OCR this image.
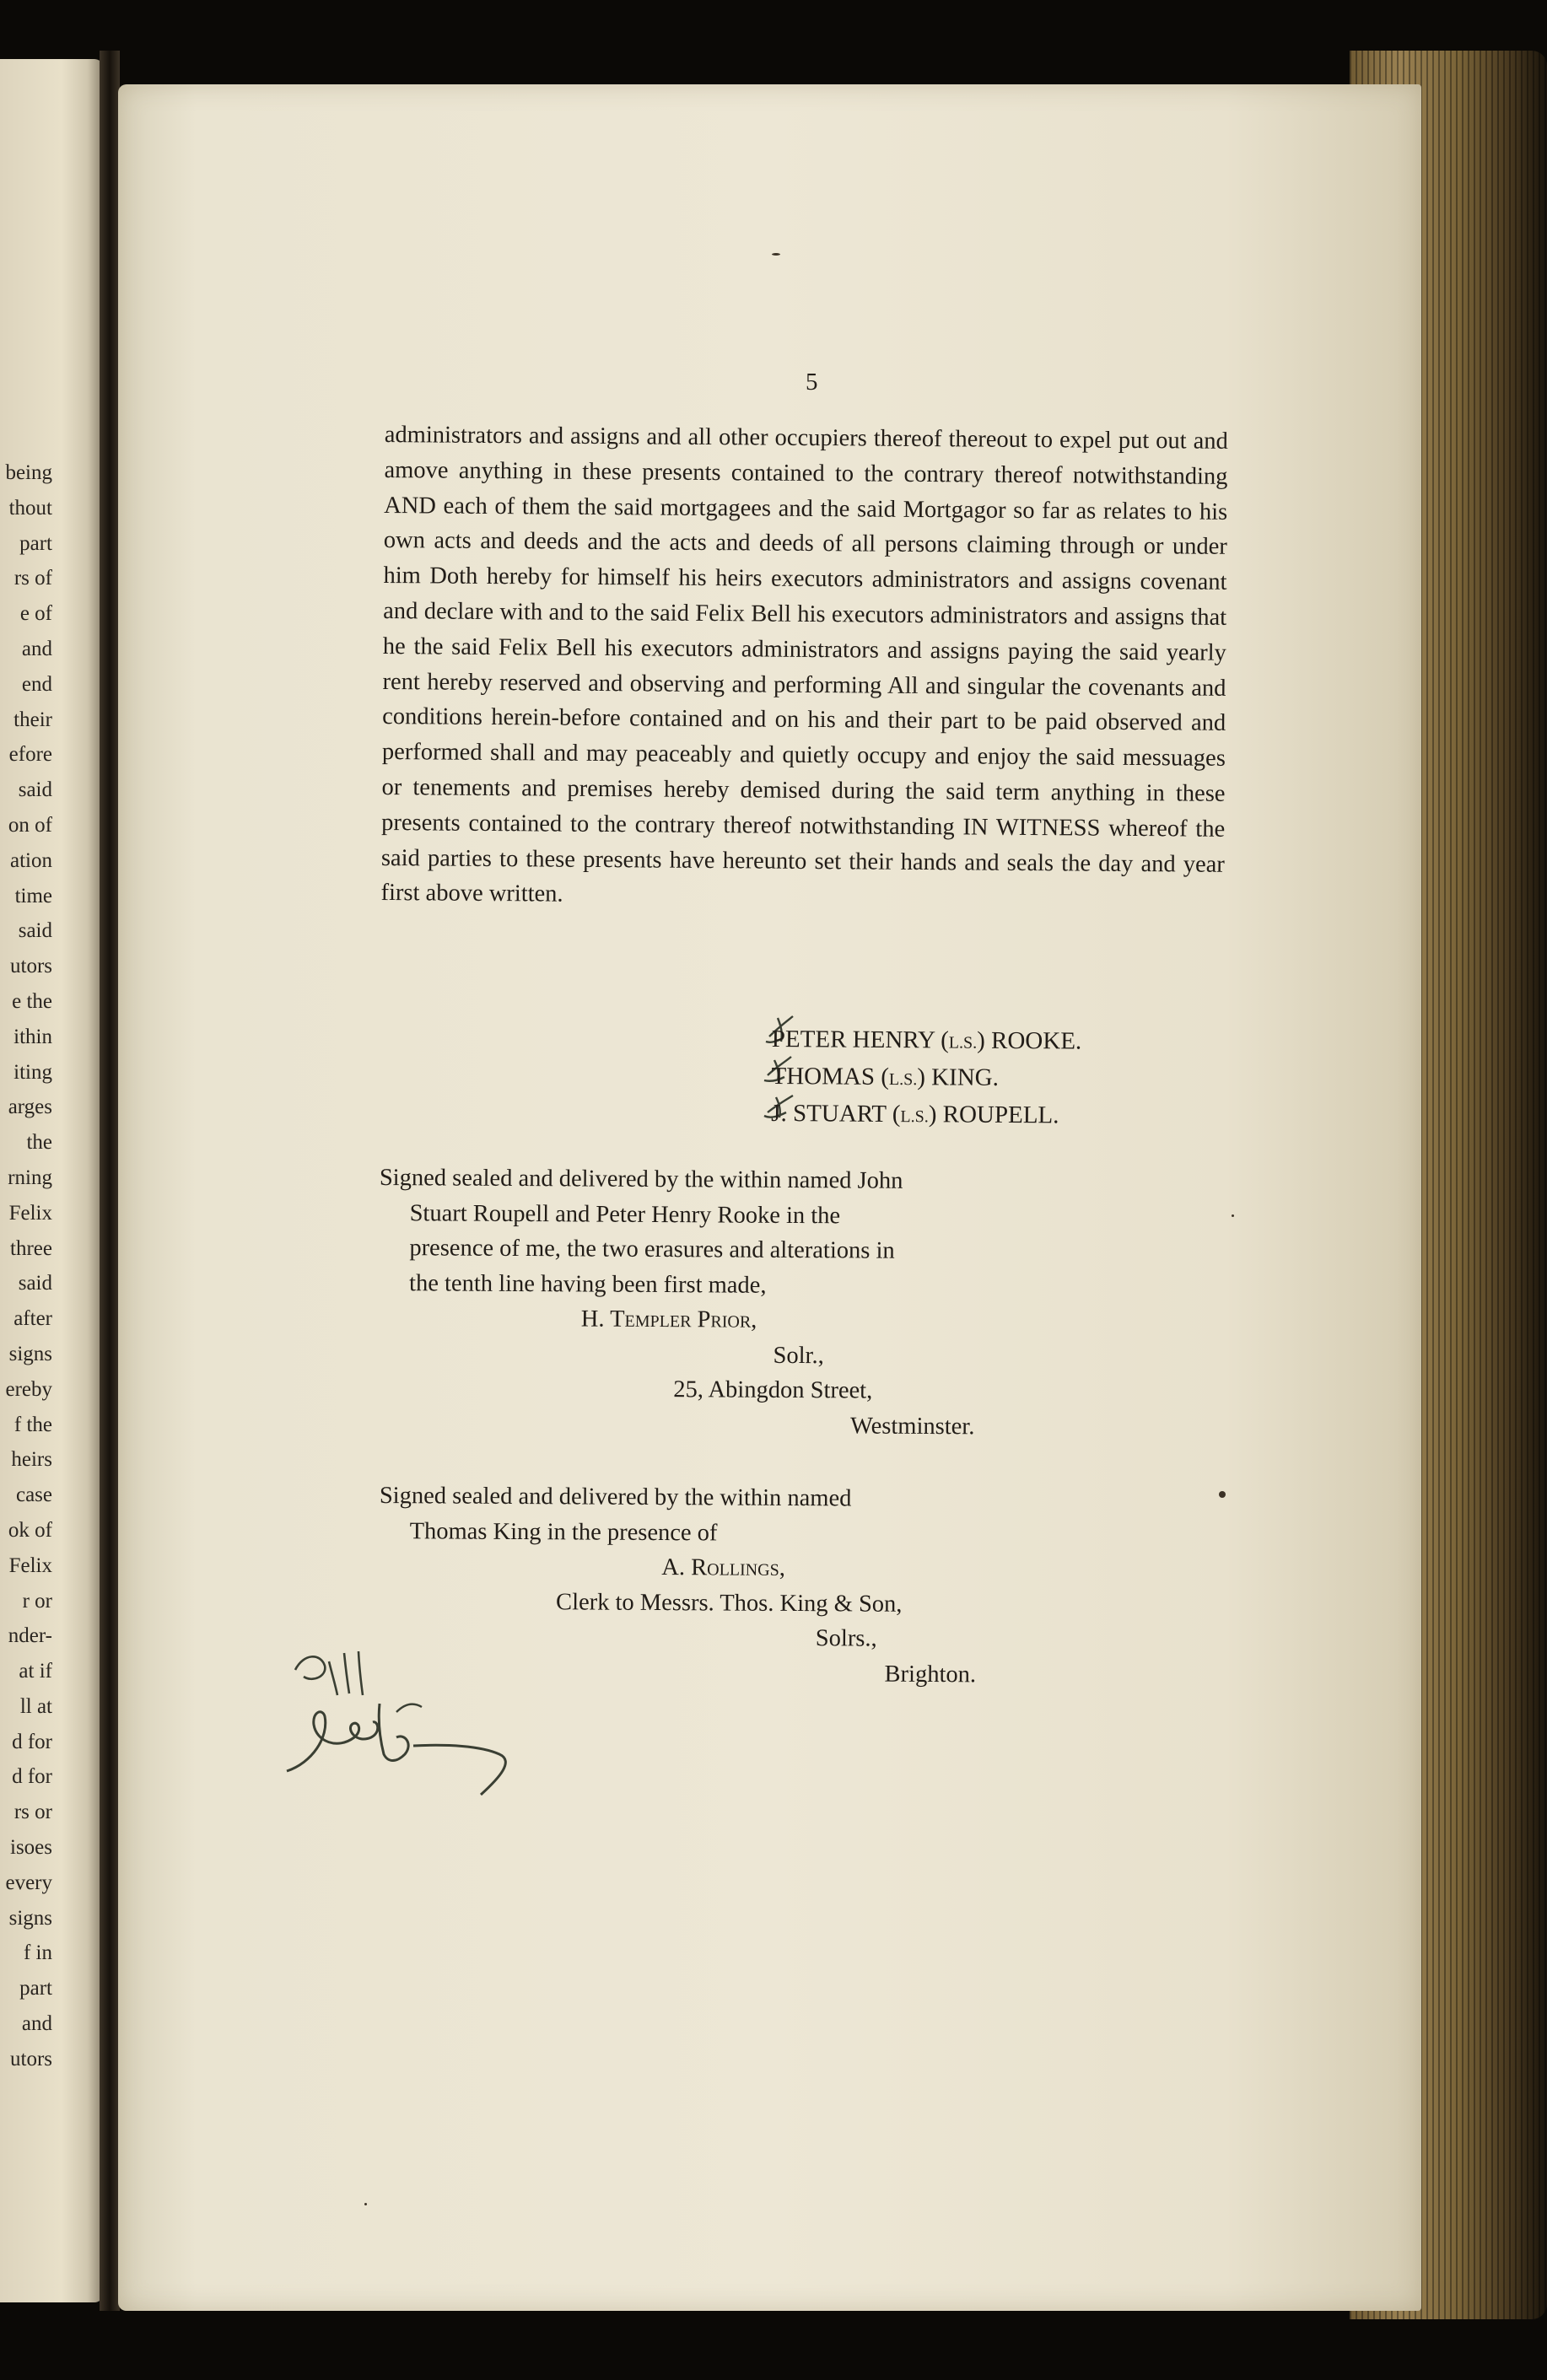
being
thout
part
rs of
e of
and
end
their
efore
said
on of
ation
time
said
utors
e the
ithin
iting
arges
the
rning
Felix
three
said
after
signs
ereby
f the
heirs
case
ok of
Felix
r or
nder-
at if
ll at
d for
d for
rs or
isoes
every
signs
f in
part
and
utors
5
administrators and assigns and all other occupiers thereof thereout to expel put out and amove anything in these presents contained to the contrary thereof notwithstanding AND each of them the said mortgagees and the said Mortgagor so far as relates to his own acts and deeds and the acts and deeds of all persons claiming through or under him Doth hereby for himself his heirs executors administrators and assigns covenant and declare with and to the said Felix Bell his executors administrators and assigns that he the said Felix Bell his executors administrators and assigns paying the said yearly rent hereby reserved and observing and performing All and singular the covenants and conditions herein-before contained and on his and their part to be paid observed and performed shall and may peaceably and quietly occupy and enjoy the said messuages or tenements and premises hereby demised during the said term anything in these presents contained to the contrary thereof notwithstanding IN WITNESS whereof the said parties to these presents have hereunto set their hands and seals the day and year first above written.
PETER HENRY (L.S.) ROOKE.
THOMAS (L.S.) KING.
J. STUART (L.S.) ROUPELL.
Signed sealed and delivered by the within named John
Stuart Roupell and Peter Henry Rooke in the
presence of me, the two erasures and alterations in
the tenth line having been first made,
H. Templer Prior,
Solr.,
25, Abingdon Street,
Westminster.
Signed sealed and delivered by the within named
Thomas King in the presence of
A. Rollings,
Clerk to Messrs. Thos. King & Son,
Solrs.,
Brighton.
